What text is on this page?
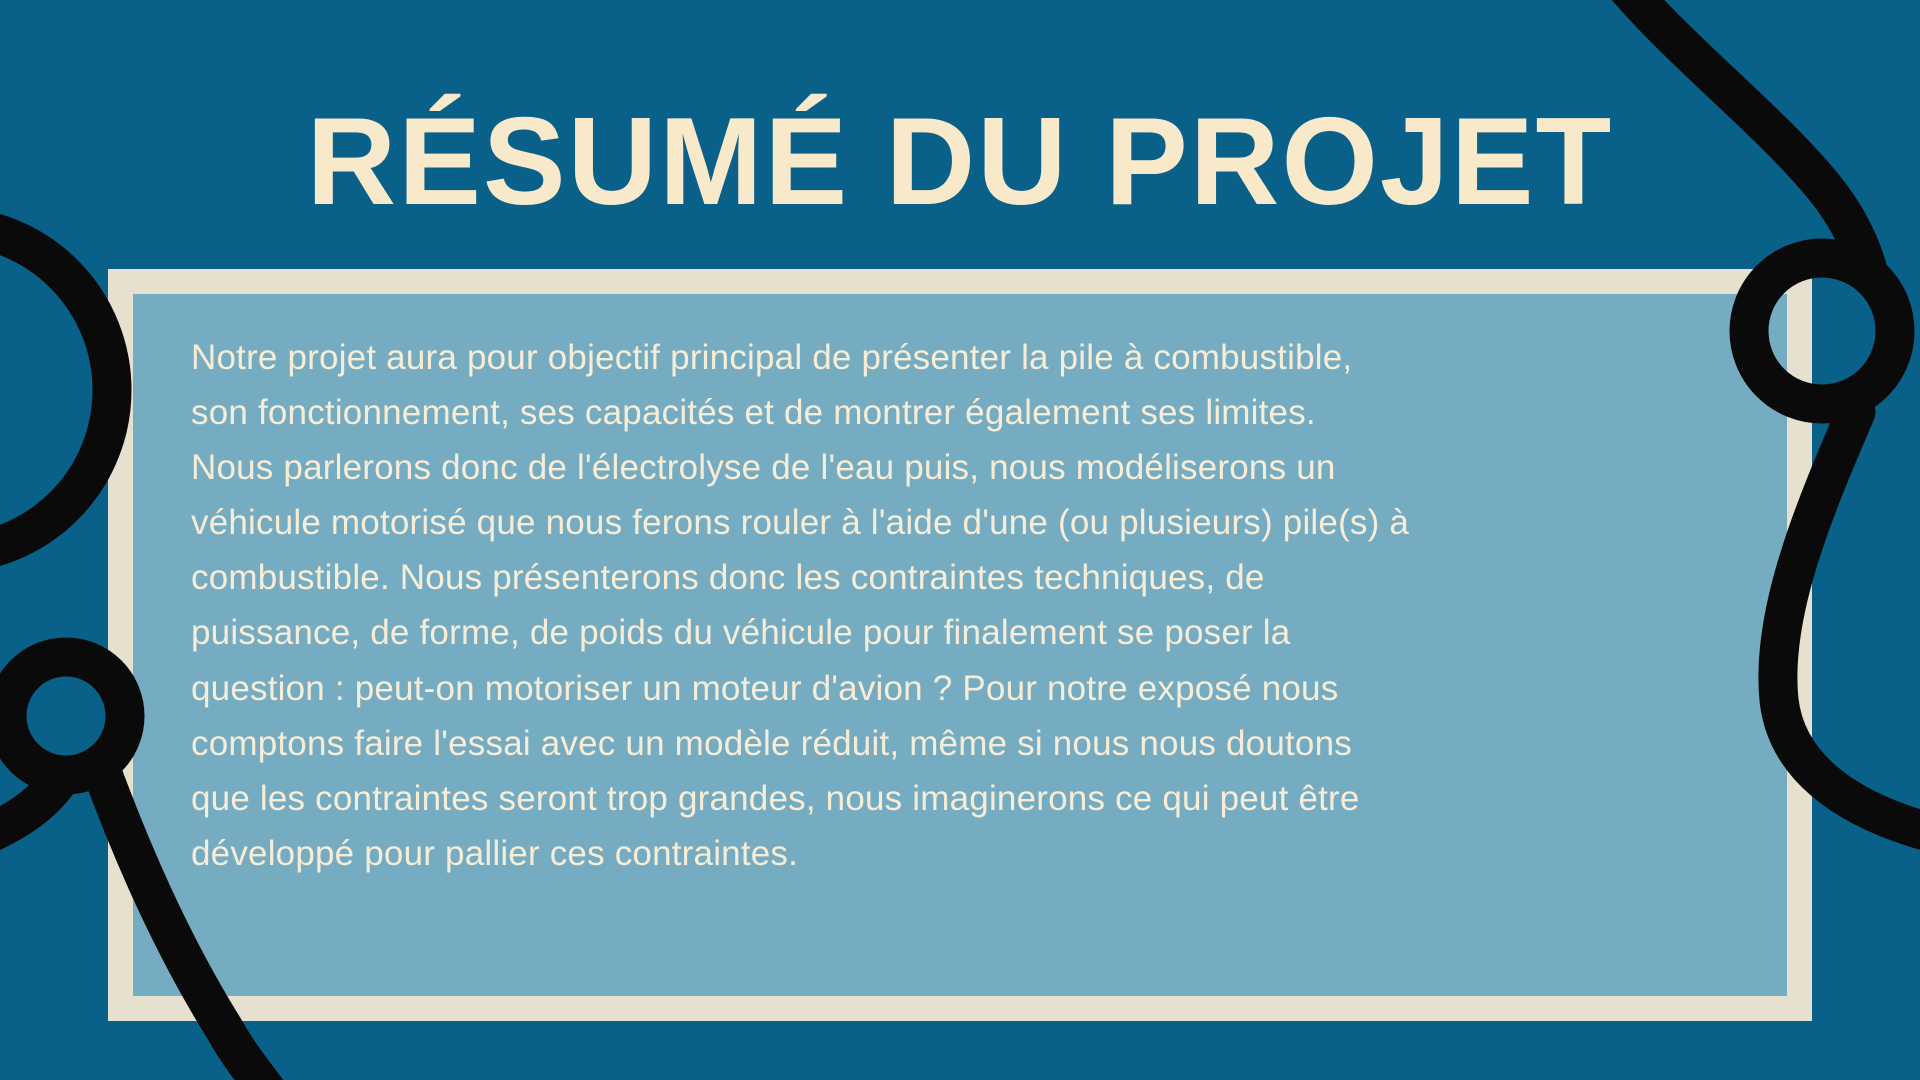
RÉSUMÉ DU PROJET
Notre projet aura pour objectif principal de présenter la pile à combustible,
son fonctionnement, ses capacités et de montrer également ses limites.
Nous parlerons donc de l'électrolyse de l'eau puis, nous modéliserons un
véhicule motorisé que nous ferons rouler à l'aide d'une (ou plusieurs) pile(s) à
combustible. Nous présenterons donc les contraintes techniques, de
puissance, de forme, de poids du véhicule pour finalement se poser la
question : peut-on motoriser un moteur d'avion ? Pour notre exposé nous
comptons faire l'essai avec un modèle réduit, même si nous nous doutons
que les contraintes seront trop grandes, nous imaginerons ce qui peut être
développé pour pallier ces contraintes.
